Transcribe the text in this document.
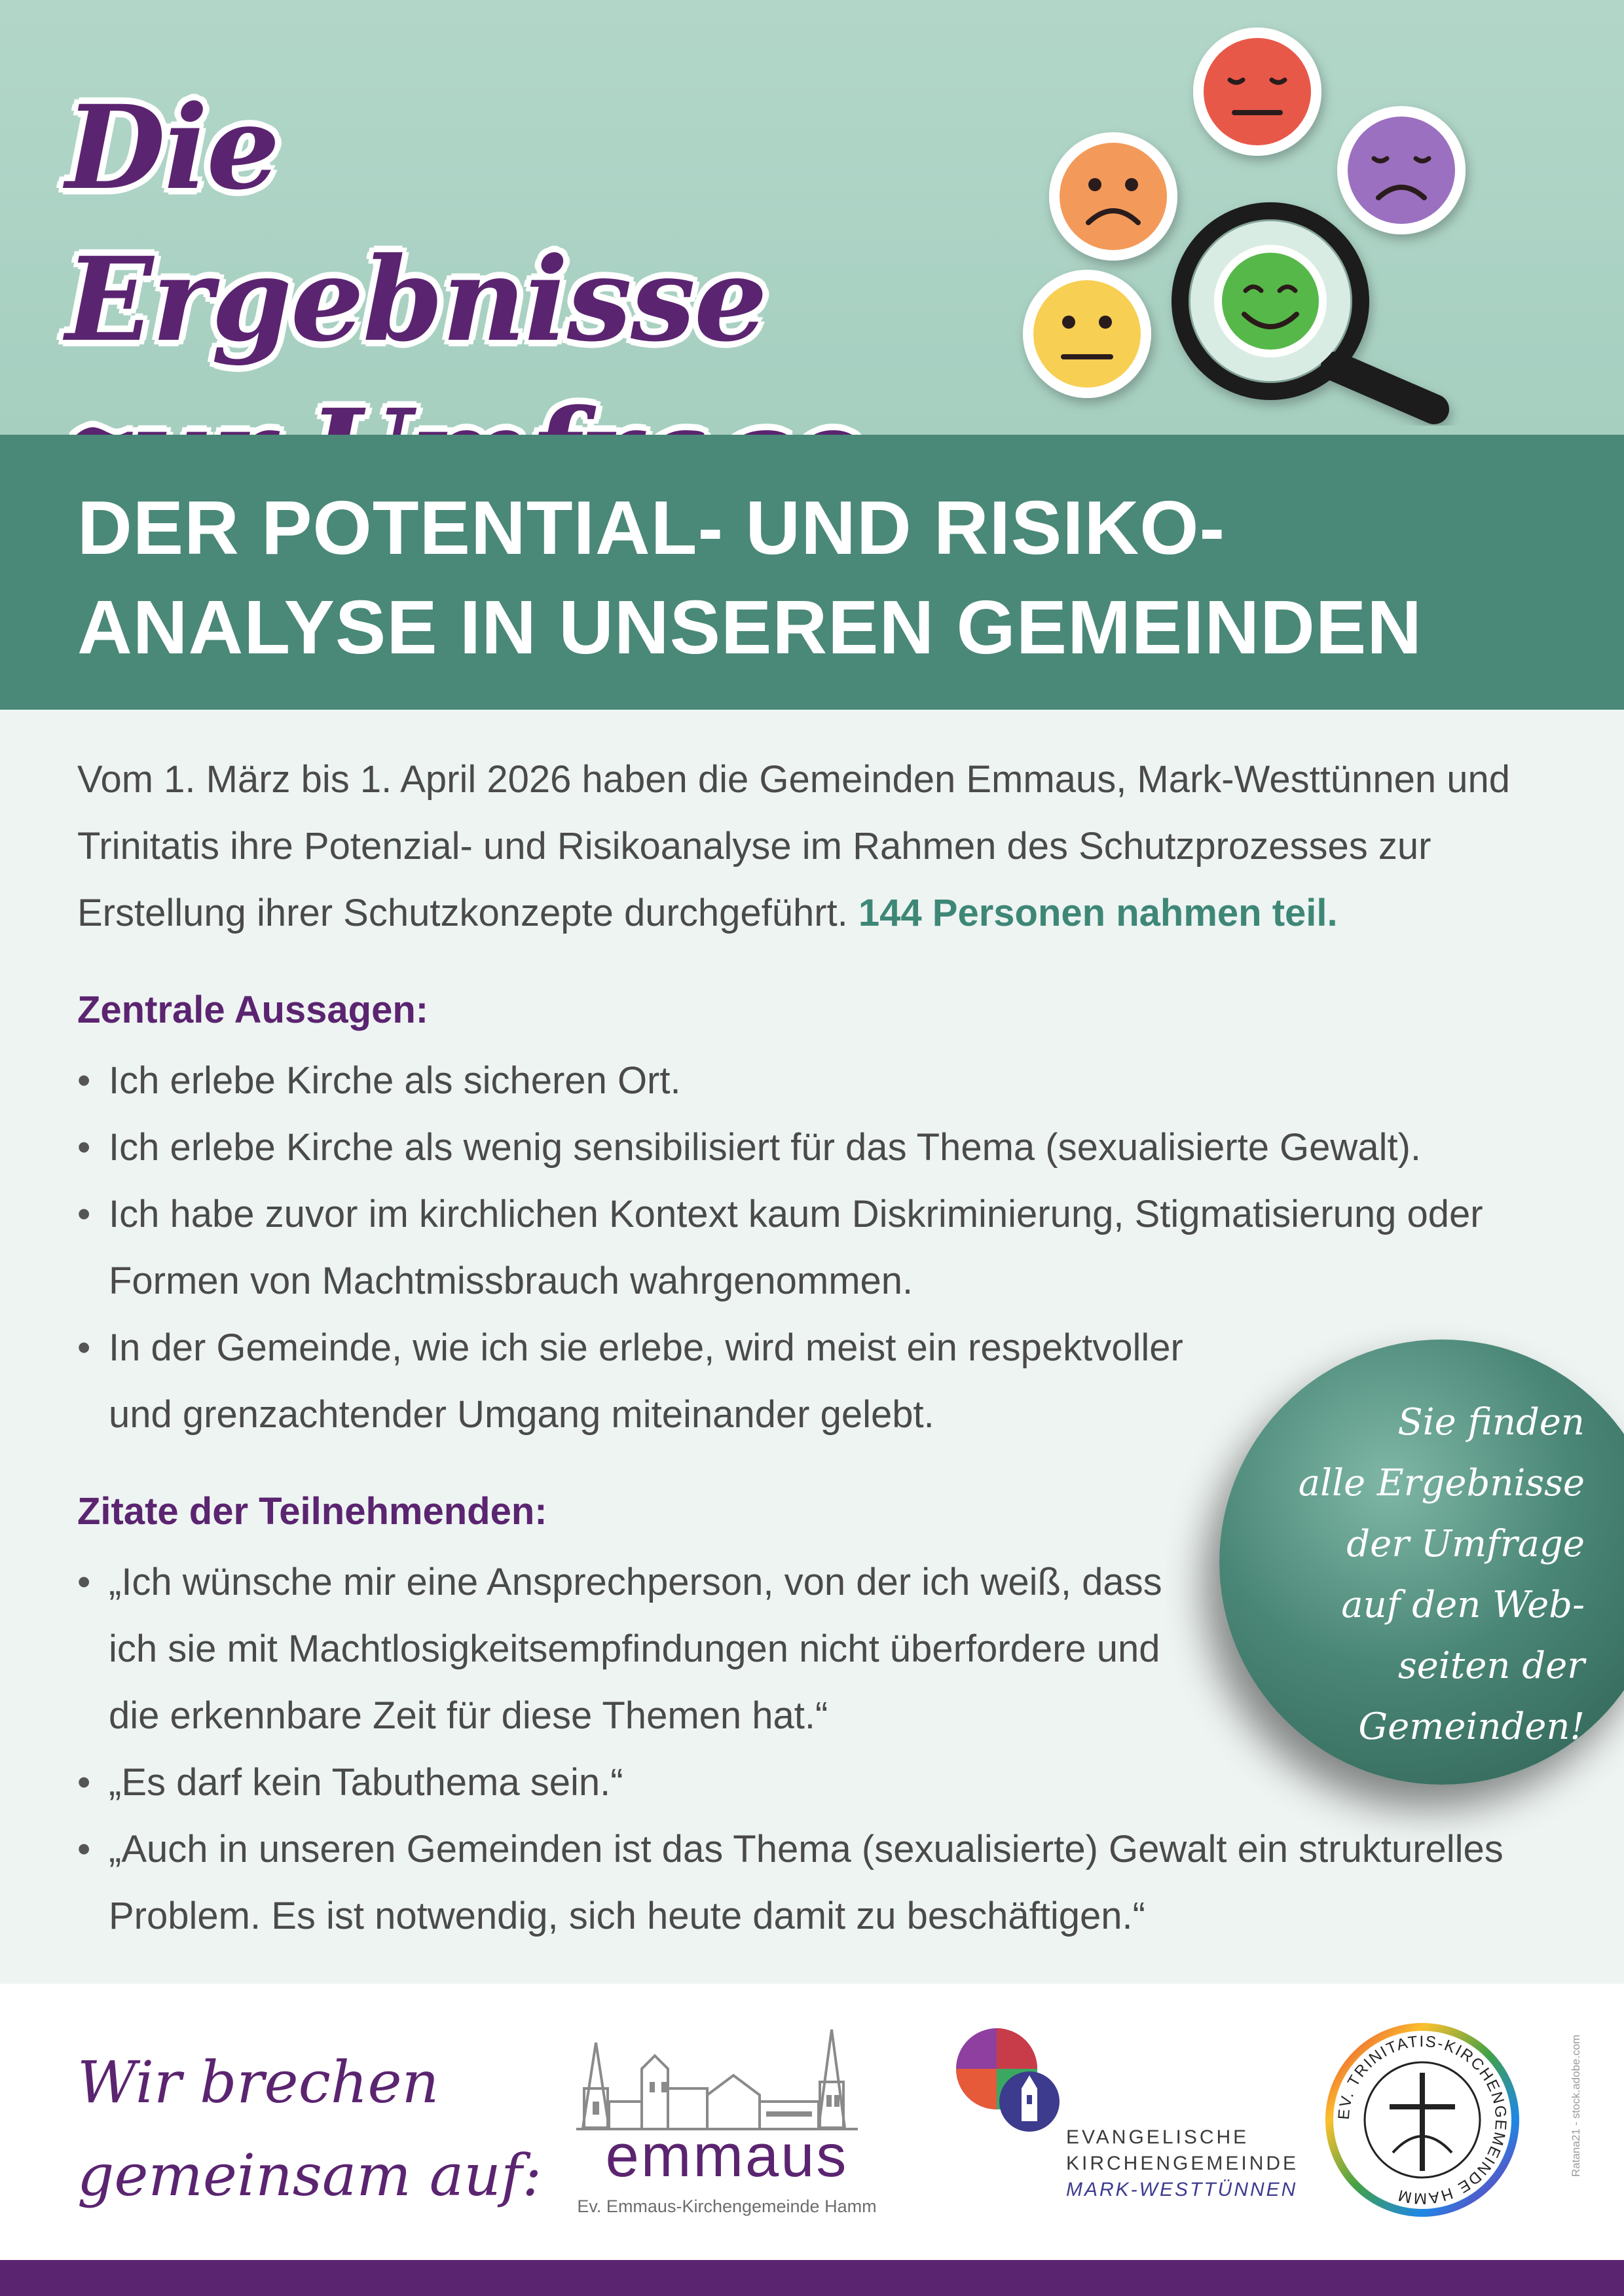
Die Ergebnisse
DER POTENTIAL- UND RISIKO-
ANALYSE IN UNSEREN GEMEINDEN

Vom 1. März bis 1. April 2026 haben die Gemeinden Emmaus, Mark-Westtünnen und Trinitatis ihre Potenzial- und Risikoanalyse im Rahmen des Schutzprozesses zur Erstellung ihrer Schutzkonzepte durchgeführt. 144 Personen nahmen teil.

Zentrale Aussagen:
• Ich erlebe Kirche als sicheren Ort.
• Ich erlebe Kirche als wenig sensibilisiert für das Thema (sexualisierte Gewalt).
• Ich habe zuvor im kirchlichen Kontext kaum Diskriminierung, Stigmatisierung oder Formen von Machtmissbrauch wahrgenommen.
• In der Gemeinde, wie ich sie erlebe, wird meist ein respektvoller und grenzachtender Umgang miteinander gelebt.
Zitate der Teilnehmenden:
• „Ich wünsche mir eine Ansprechperson, von der ich weiß, dass ich sie mit Machtlosigkeitsempfindungen nicht überfordere und die erkennbare Zeit für diese Themen hat.“
• „Es darf kein Tabuthema sein.“
• „Auch in unseren Gemeinden ist das Thema (sexualisierte) Gewalt ein strukturelles Problem. Es ist notwendig, sich heute damit zu beschäftigen.“
Sie finden
alle Ergebnisse
der Umfrage
auf den Web-
seiten der
Gemeinden!
Wir brechen
gemeinsam auf:	emmaus
Ev. Emmaus-Kirchengemeinde Hamm
EVANGELISCHE
KIRCHENGEMEINDE
MARK-WESTTÜNNEN
EV. TRINITATIS-KIRCHENGEMEINDE HAMM
Ratana21 - stock.adobe.com
